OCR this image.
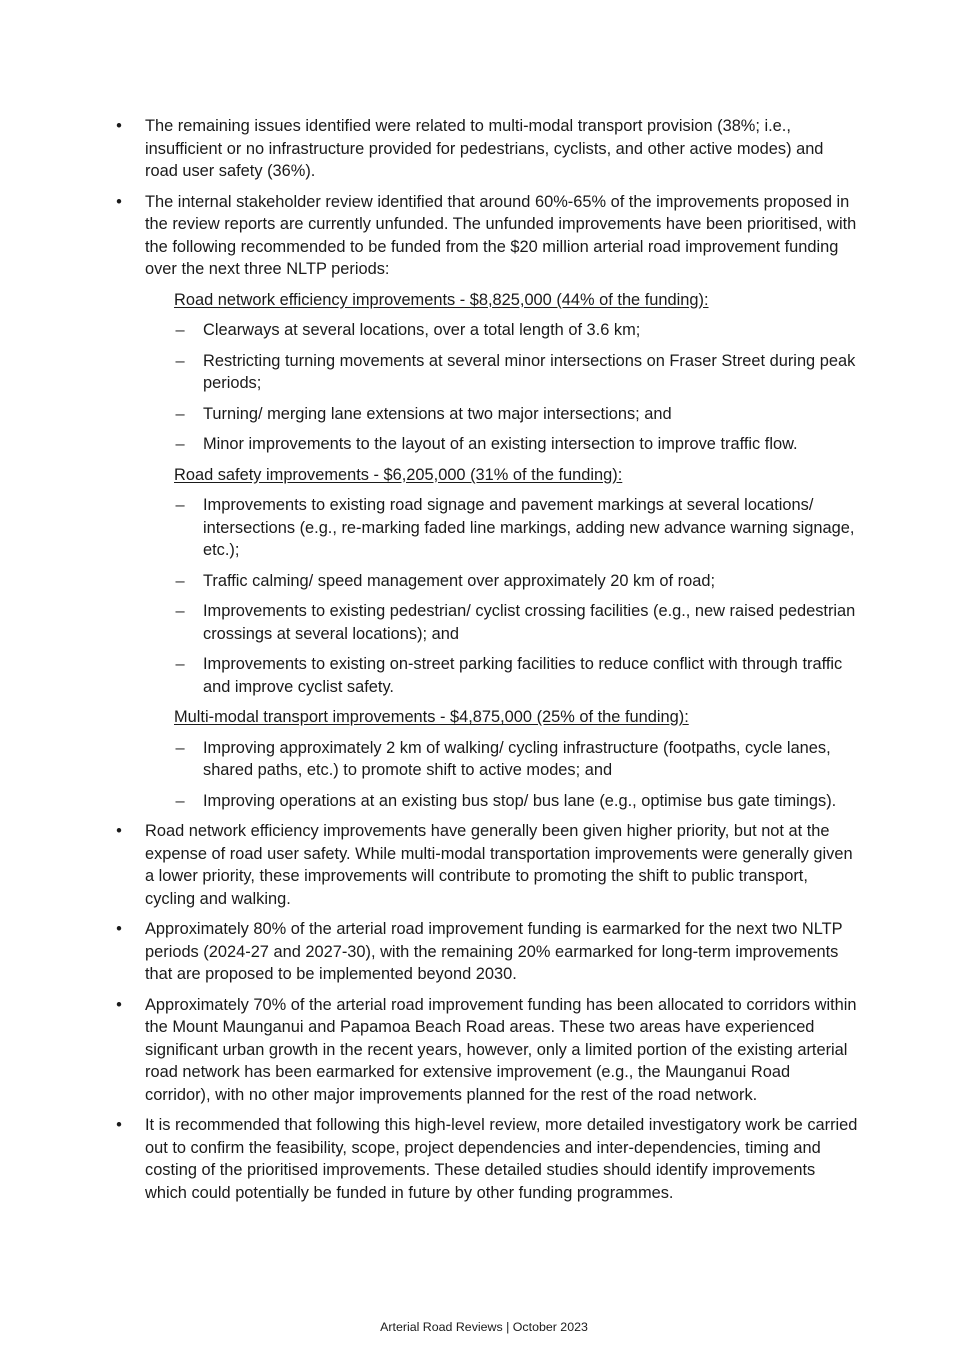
• The remaining issues identified were related to multi-modal transport provision (38%; i.e., insufficient or no infrastructure provided for pedestrians, cyclists, and other active modes) and road user safety (36%).
• The internal stakeholder review identified that around 60%-65% of the improvements proposed in the review reports are currently unfunded. The unfunded improvements have been prioritised, with the following recommended to be funded from the $20 million arterial road improvement funding over the next three NLTP periods:
Road network efficiency improvements - $8,825,000 (44% of the funding):
– Clearways at several locations, over a total length of 3.6 km;
– Restricting turning movements at several minor intersections on Fraser Street during peak periods;
– Turning/ merging lane extensions at two major intersections; and
– Minor improvements to the layout of an existing intersection to improve traffic flow.
Road safety improvements - $6,205,000 (31% of the funding):
– Improvements to existing road signage and pavement markings at several locations/ intersections (e.g., re-marking faded line markings, adding new advance warning signage, etc.);
– Traffic calming/ speed management over approximately 20 km of road;
– Improvements to existing pedestrian/ cyclist crossing facilities (e.g., new raised pedestrian crossings at several locations); and
– Improvements to existing on-street parking facilities to reduce conflict with through traffic and improve cyclist safety.
Multi-modal transport improvements - $4,875,000 (25% of the funding):
– Improving approximately 2 km of walking/ cycling infrastructure (footpaths, cycle lanes, shared paths, etc.) to promote shift to active modes; and
– Improving operations at an existing bus stop/ bus lane (e.g., optimise bus gate timings).
• Road network efficiency improvements have generally been given higher priority, but not at the expense of road user safety. While multi-modal transportation improvements were generally given a lower priority, these improvements will contribute to promoting the shift to public transport, cycling and walking.
• Approximately 80% of the arterial road improvement funding is earmarked for the next two NLTP periods (2024-27 and 2027-30), with the remaining 20% earmarked for long-term improvements that are proposed to be implemented beyond 2030.
• Approximately 70% of the arterial road improvement funding has been allocated to corridors within the Mount Maunganui and Papamoa Beach Road areas. These two areas have experienced significant urban growth in the recent years, however, only a limited portion of the existing arterial road network has been earmarked for extensive improvement (e.g., the Maunganui Road corridor), with no other major improvements planned for the rest of the road network.
• It is recommended that following this high-level review, more detailed investigatory work be carried out to confirm the feasibility, scope, project dependencies and inter-dependencies, timing and costing of the prioritised improvements. These detailed studies should identify improvements which could potentially be funded in future by other funding programmes.
Arterial Road Reviews | October 2023
